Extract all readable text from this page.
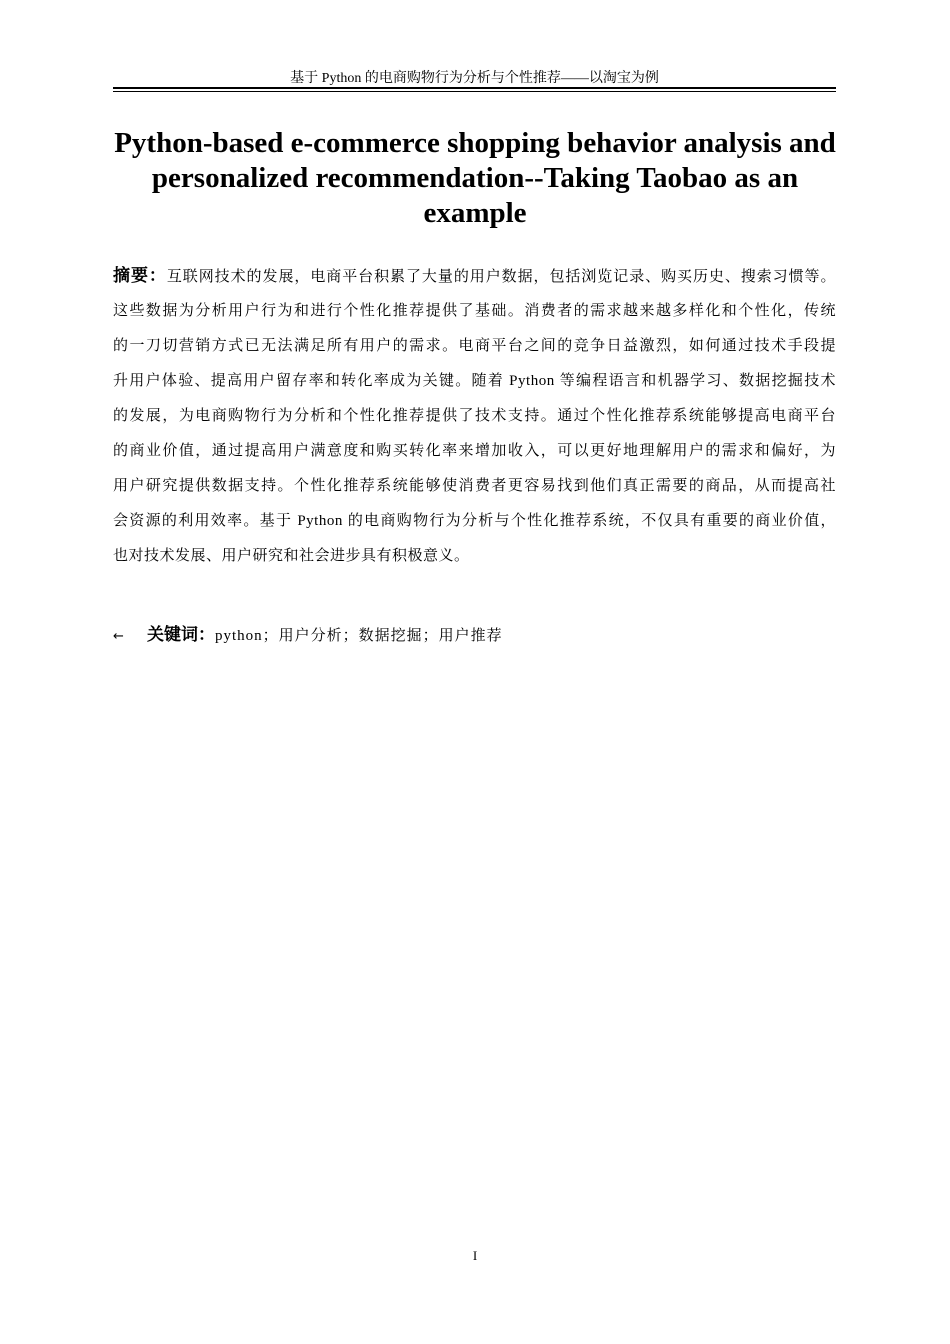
基于 Python 的电商购物行为分析与个性推荐——以淘宝为例
Python-based e-commerce shopping behavior analysis and
personalized recommendation--Taking Taobao as an
example
摘要：互联网技术的发展，电商平台积累了大量的用户数据，包括浏览记录、购买历史、搜索习惯等。
这些数据为分析用户行为和进行个性化推荐提供了基础。消费者的需求越来越多样化和个性化，传统
的一刀切营销方式已无法满足所有用户的需求。电商平台之间的竞争日益激烈，如何通过技术手段提
升用户体验、提高用户留存率和转化率成为关键。随着 Python 等编程语言和机器学习、数据挖掘技术
的发展，为电商购物行为分析和个性化推荐提供了技术支持。通过个性化推荐系统能够提高电商平台
的商业价值，通过提高用户满意度和购买转化率来增加收入，可以更好地理解用户的需求和偏好，为
用户研究提供数据支持。个性化推荐系统能够使消费者更容易找到他们真正需要的商品，从而提高社
会资源的利用效率。基于 Python 的电商购物行为分析与个性化推荐系统，不仅具有重要的商业价值，
也对技术发展、用户研究和社会进步具有积极意义。
← 关键词：python；用户分析；数据挖掘；用户推荐
I
